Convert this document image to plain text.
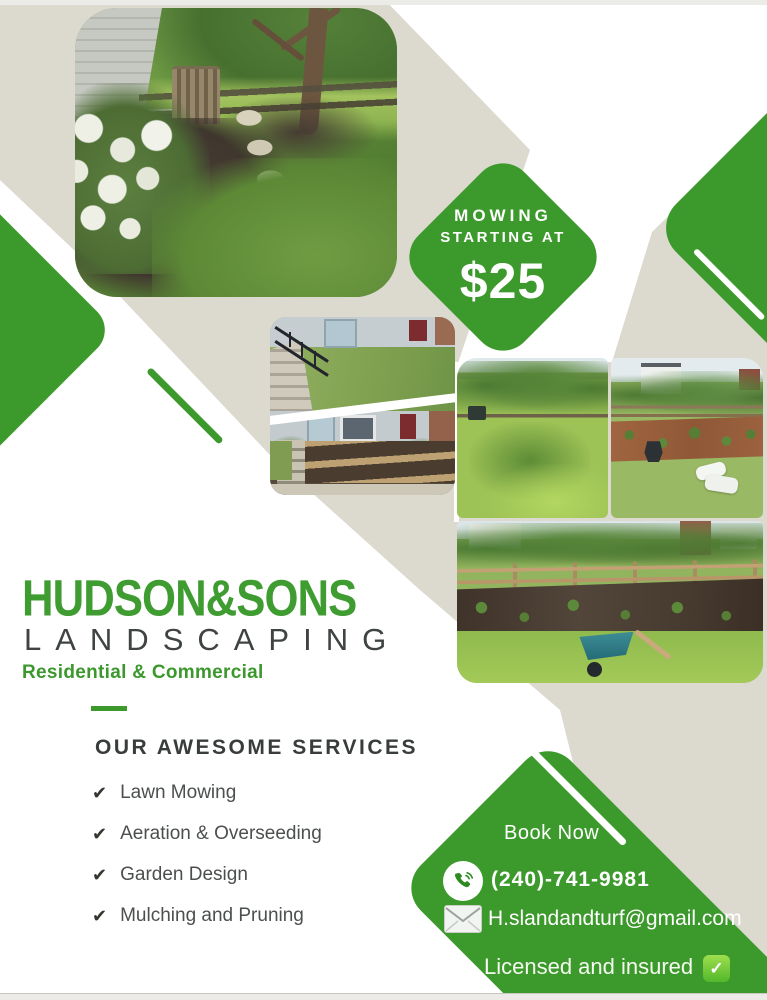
MOWING
STARTING AT
$25
HUDSON&SONS
LANDSCAPING
Residential & Commercial
OUR AWESOME SERVICES
✔ Lawn Mowing
✔ Aeration & Overseeding
✔ Garden Design
✔ Mulching and Pruning
Book Now
(240)-741-9981
H.slandandturf@gmail.com
Licensed and insured ✓
